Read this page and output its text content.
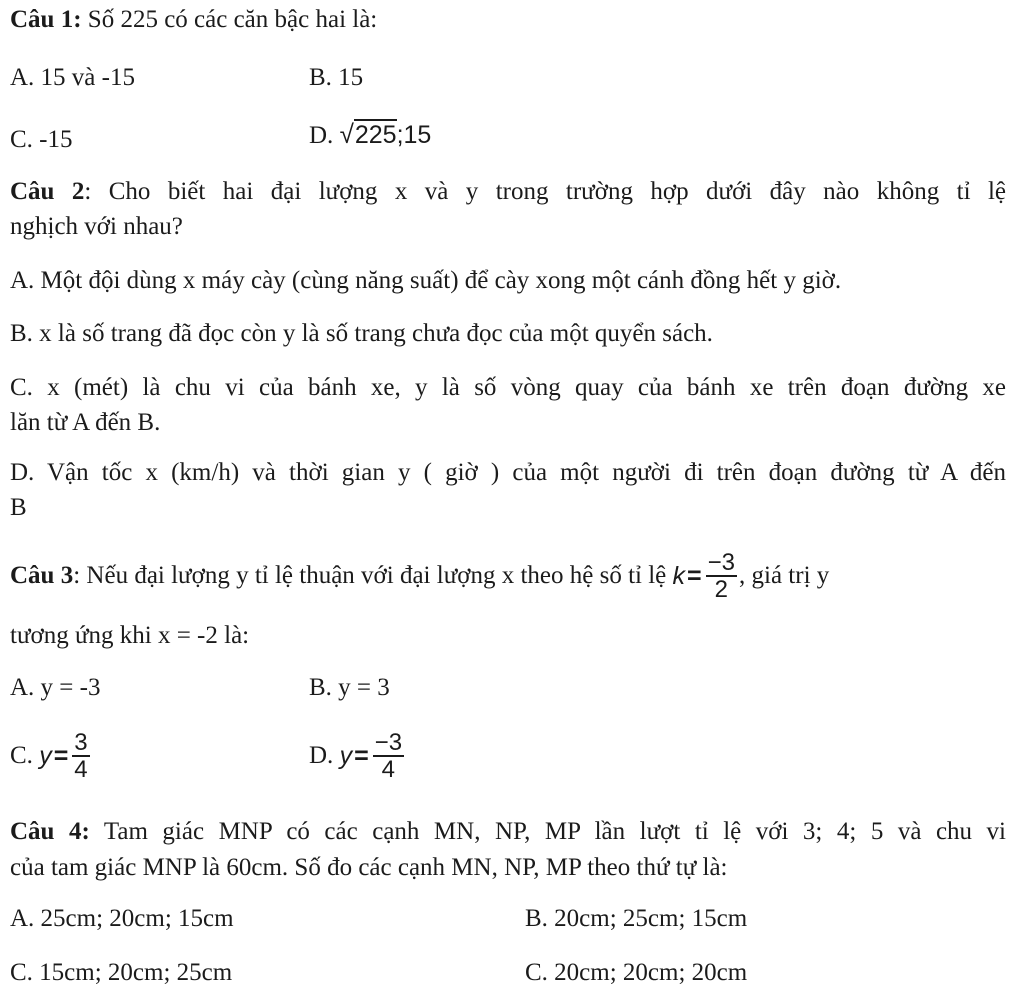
Câu 1: Số 225 có các căn bậc hai là:
A. 15 và -15	B. 15
C. -15	D. √225;15
Câu 2: Cho biết hai đại lượng x và y trong trường hợp dưới đây nào không tỉ lệ
nghịch với nhau?
A. Một đội dùng x máy cày (cùng năng suất) để cày xong một cánh đồng hết y giờ.
B. x là số trang đã đọc còn y là số trang chưa đọc của một quyển sách.
C. x (mét) là chu vi của bánh xe, y là số vòng quay của bánh xe trên đoạn đường xe
lăn từ A đến B.
D. Vận tốc x (km/h) và thời gian y ( giờ ) của một người đi trên đoạn đường từ A đến
B
Câu 3 : Nếu đại lượng y tỉ lệ thuận với đại lượng x theo hệ số tỉ lệ $k = \frac{-3}{2}$ , giá trị y
tương ứng khi x = -2 là:
A. y = -3	B. y = 3
C. $y = \frac{3}{4}$	D. $y = \frac{-3}{4}$
Câu 4: Tam giác MNP có các cạnh MN, NP, MP lần lượt tỉ lệ với 3; 4; 5 và chu vi
của tam giác MNP là 60cm. Số đo các cạnh MN, NP, MP theo thứ tự là:
A. 25cm; 20cm; 15cm	B. 20cm; 25cm; 15cm
C. 15cm; 20cm; 25cm	C. 20cm; 20cm; 20cm
